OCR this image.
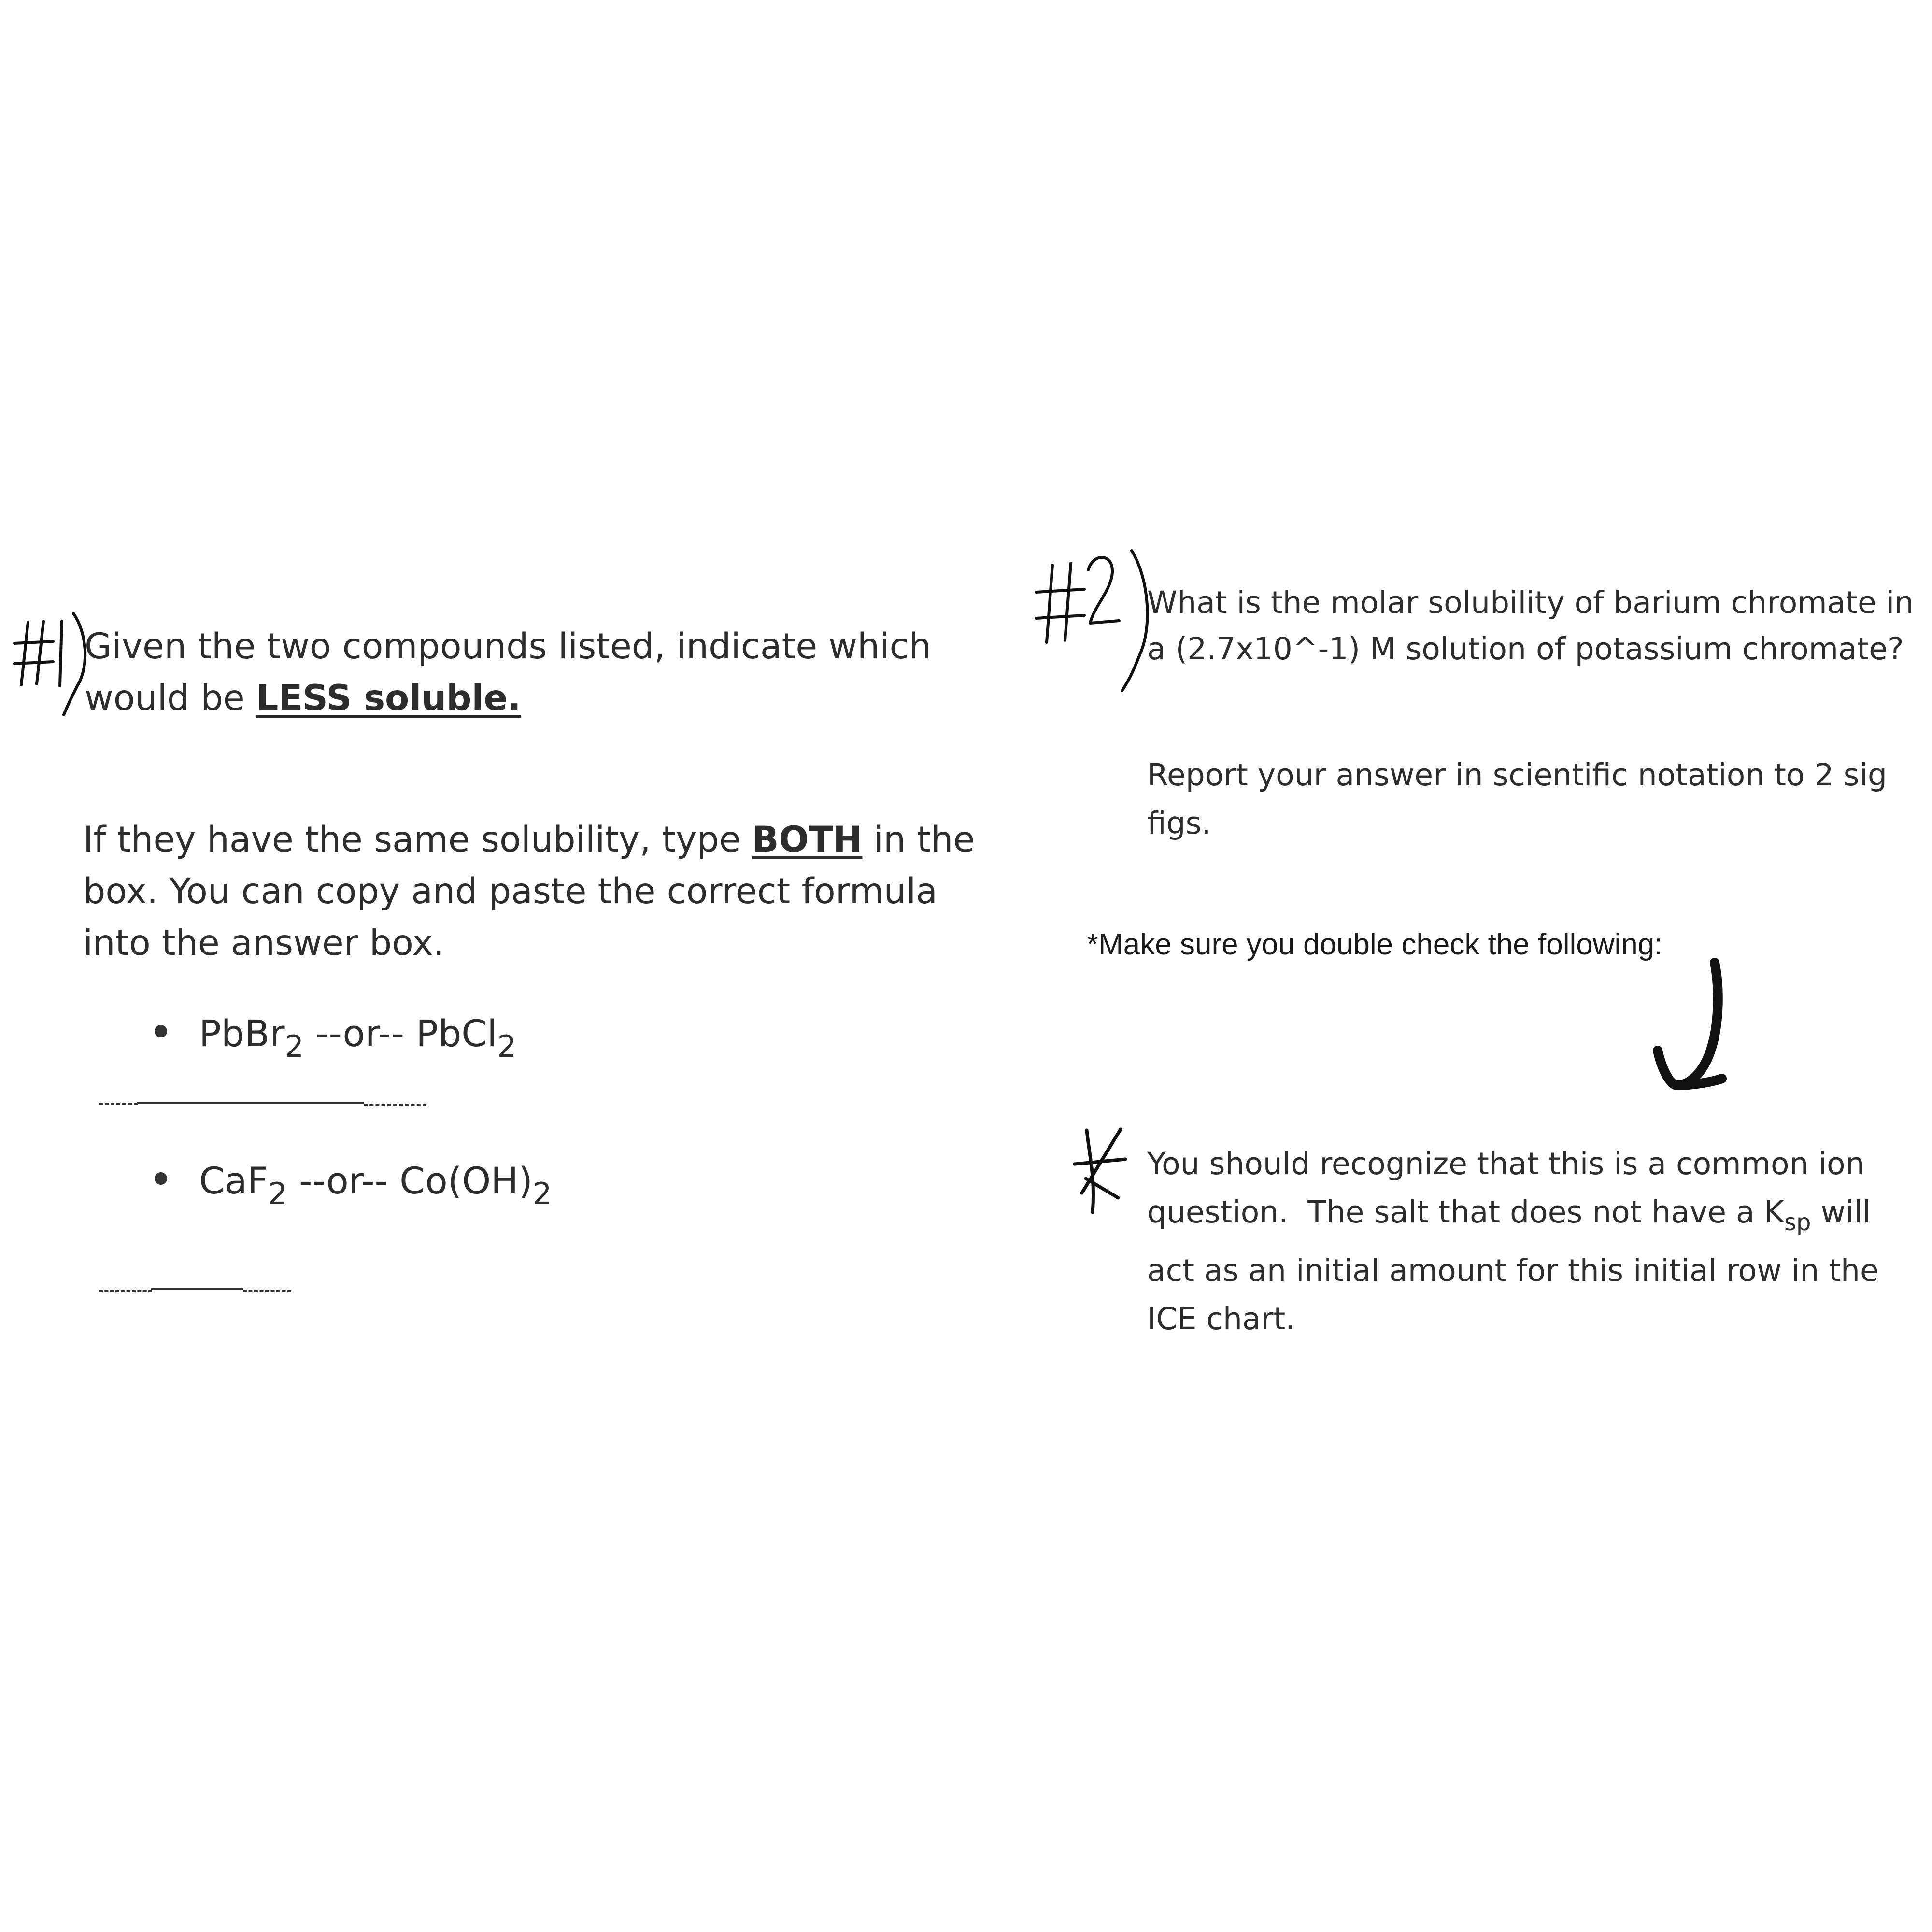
Given the two compounds listed, indicate which
would be LESS soluble.
If they have the same solubility, type BOTH in the
box. You can copy and paste the correct formula
into the answer box.
PbBr$_2$ --or-- PbCl$_2$
CaF$_2$ --or-- $Co(OH)_2$
What is the molar solubility of barium chromate in
a (2.7x10^-1) M solution of potassium chromate?
Report your answer in scientific notation to 2 sig
figs.
*Make sure you double check the following:
You should recognize that this is a common ion
question.  The salt that does not have a $K_{sp}$ will
act as an initial amount for this initial row in the
ICE chart.
